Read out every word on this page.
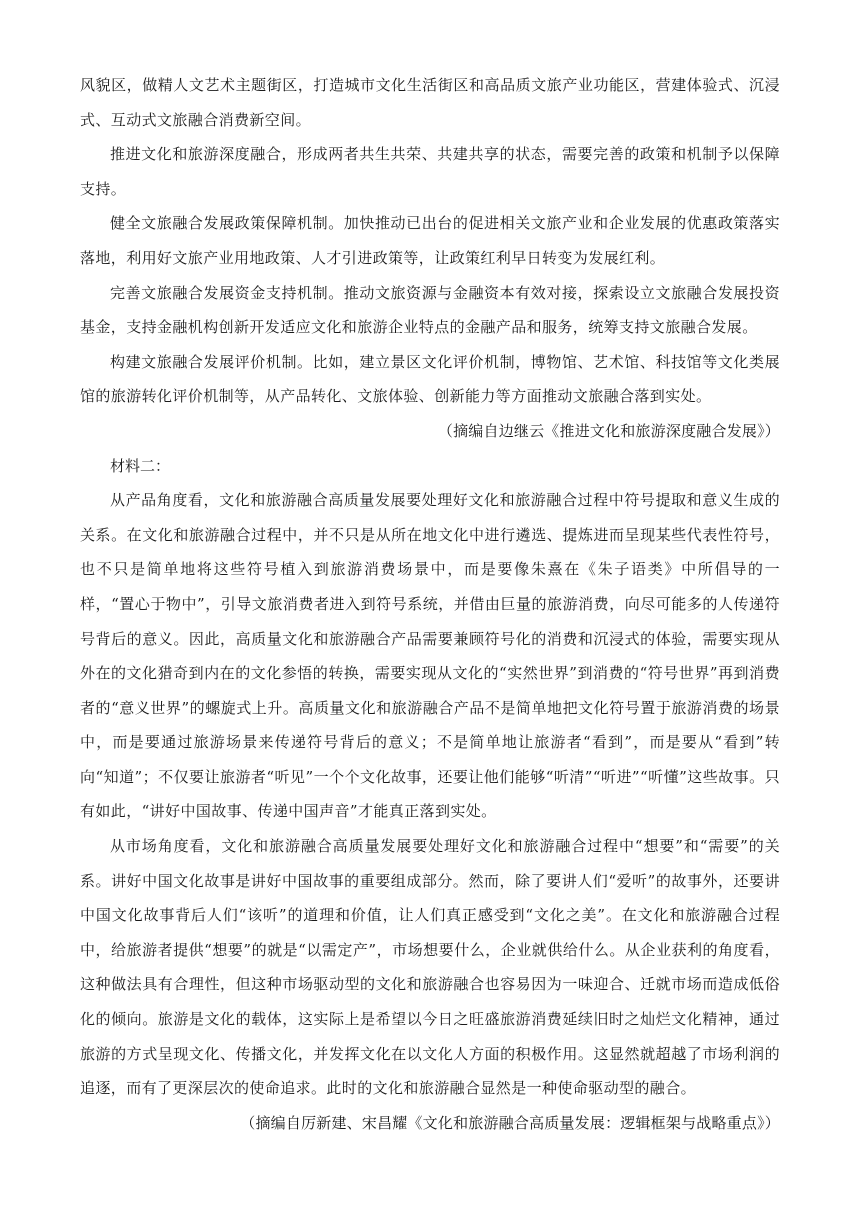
风貌区，做精人文艺术主题街区，打造城市文化生活街区和高品质文旅产业功能区，营建体验式、沉浸式、互动式文旅融合消费新空间。

推进文化和旅游深度融合，形成两者共生共荣、共建共享的状态，需要完善的政策和机制予以保障支持。

健全文旅融合发展政策保障机制。加快推动已出台的促进相关文旅产业和企业发展的优惠政策落实落地，利用好文旅产业用地政策、人才引进政策等，让政策红利早日转变为发展红利。

完善文旅融合发展资金支持机制。推动文旅资源与金融资本有效对接，探索设立文旅融合发展投资基金，支持金融机构创新开发适应文化和旅游企业特点的金融产品和服务，统筹支持文旅融合发展。

构建文旅融合发展评价机制。比如，建立景区文化评价机制，博物馆、艺术馆、科技馆等文化类展馆的旅游转化评价机制等，从产品转化、文旅体验、创新能力等方面推动文旅融合落到实处。

（摘编自边继云《推进文化和旅游深度融合发展》）

材料二：

从产品角度看，文化和旅游融合高质量发展要处理好文化和旅游融合过程中符号提取和意义生成的关系。在文化和旅游融合过程中，并不只是从所在地文化中进行遴选、提炼进而呈现某些代表性符号，也不只是简单地将这些符号植入到旅游消费场景中，而是要像朱熹在《朱子语类》中所倡导的一样，“置心于物中”，引导文旅消费者进入到符号系统，并借由巨量的旅游消费，向尽可能多的人传递符号背后的意义。因此，高质量文化和旅游融合产品需要兼顾符号化的消费和沉浸式的体验，需要实现从外在的文化猎奇到内在的文化参悟的转换，需要实现从文化的“实然世界”到消费的“符号世界”再到消费者的“意义世界”的螺旋式上升。高质量文化和旅游融合产品不是简单地把文化符号置于旅游消费的场景中，而是要通过旅游场景来传递符号背后的意义；不是简单地让旅游者“看到”，而是要从“看到”转向“知道”；不仅要让旅游者“听见”一个个文化故事，还要让他们能够“听清”“听进”“听懂”这些故事。只有如此，“讲好中国故事、传递中国声音”才能真正落到实处。

从市场角度看，文化和旅游融合高质量发展要处理好文化和旅游融合过程中“想要”和“需要”的关系。讲好中国文化故事是讲好中国故事的重要组成部分。然而，除了要讲人们“爱听”的故事外，还要讲中国文化故事背后人们“该听”的道理和价值，让人们真正感受到“文化之美”。在文化和旅游融合过程中，给旅游者提供“想要”的就是“以需定产”，市场想要什么，企业就供给什么。从企业获利的角度看，这种做法具有合理性，但这种市场驱动型的文化和旅游融合也容易因为一味迎合、迁就市场而造成低俗化的倾向。旅游是文化的载体，这实际上是希望以今日之旺盛旅游消费延续旧时之灿烂文化精神，通过旅游的方式呈现文化、传播文化，并发挥文化在以文化人方面的积极作用。这显然就超越了市场利润的追逐，而有了更深层次的使命追求。此时的文化和旅游融合显然是一种使命驱动型的融合。

（摘编自厉新建、宋昌耀《文化和旅游融合高质量发展：逻辑框架与战略重点》）
